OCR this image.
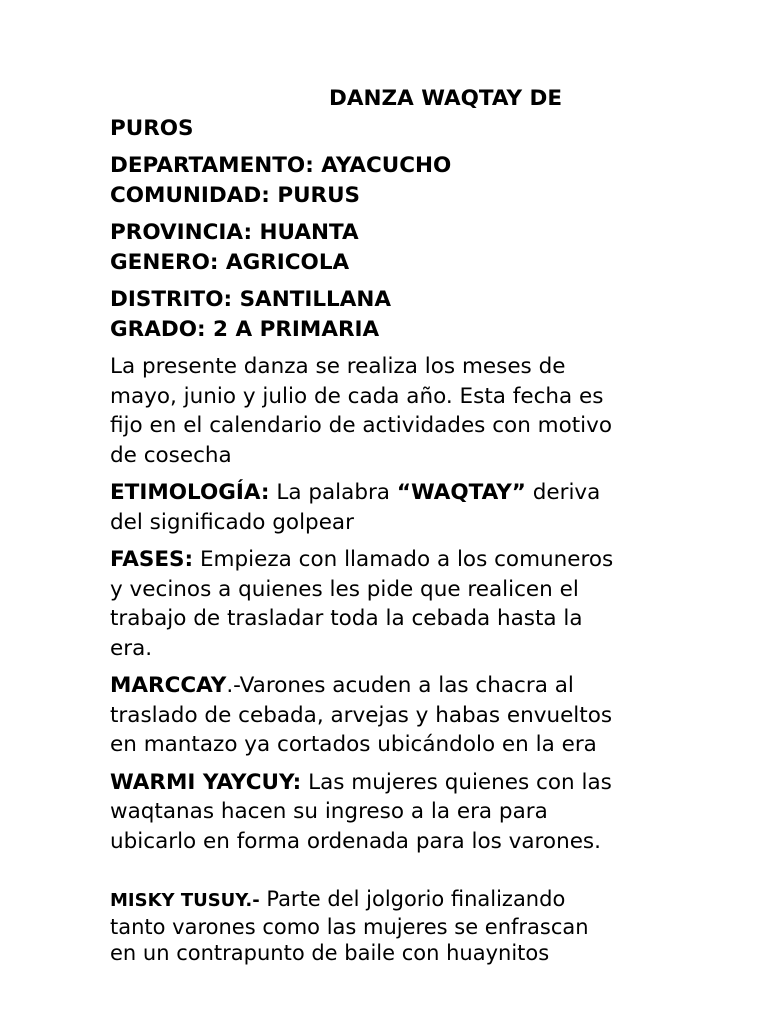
DANZA WAQTAY DE
PUROS
DEPARTAMENTO: AYACUCHO
COMUNIDAD: PURUS
PROVINCIA: HUANTA
GENERO: AGRICOLA
DISTRITO: SANTILLANA
GRADO: 2 A PRIMARIA
La presente danza se realiza los meses de
mayo, junio y julio de cada año. Esta fecha es
fijo en el calendario de actividades con motivo
de cosecha
ETIMOLOGÍA: La palabra “WAQTAY” deriva
del significado golpear
FASES: Empieza con llamado a los comuneros
y vecinos a quienes les pide que realicen el
trabajo de trasladar toda la cebada hasta la
era.
MARCCAY.-Varones acuden a las chacra al
traslado de cebada, arvejas y habas envueltos
en mantazo ya cortados ubicándolo en la era
WARMI YAYCUY: Las mujeres quienes con las
waqtanas hacen su ingreso a la era para
ubicarlo en forma ordenada para los varones.
MISKY TUSUY.- Parte del jolgorio finalizando
tanto varones como las mujeres se enfrascan
en un contrapunto de baile con huaynitos
